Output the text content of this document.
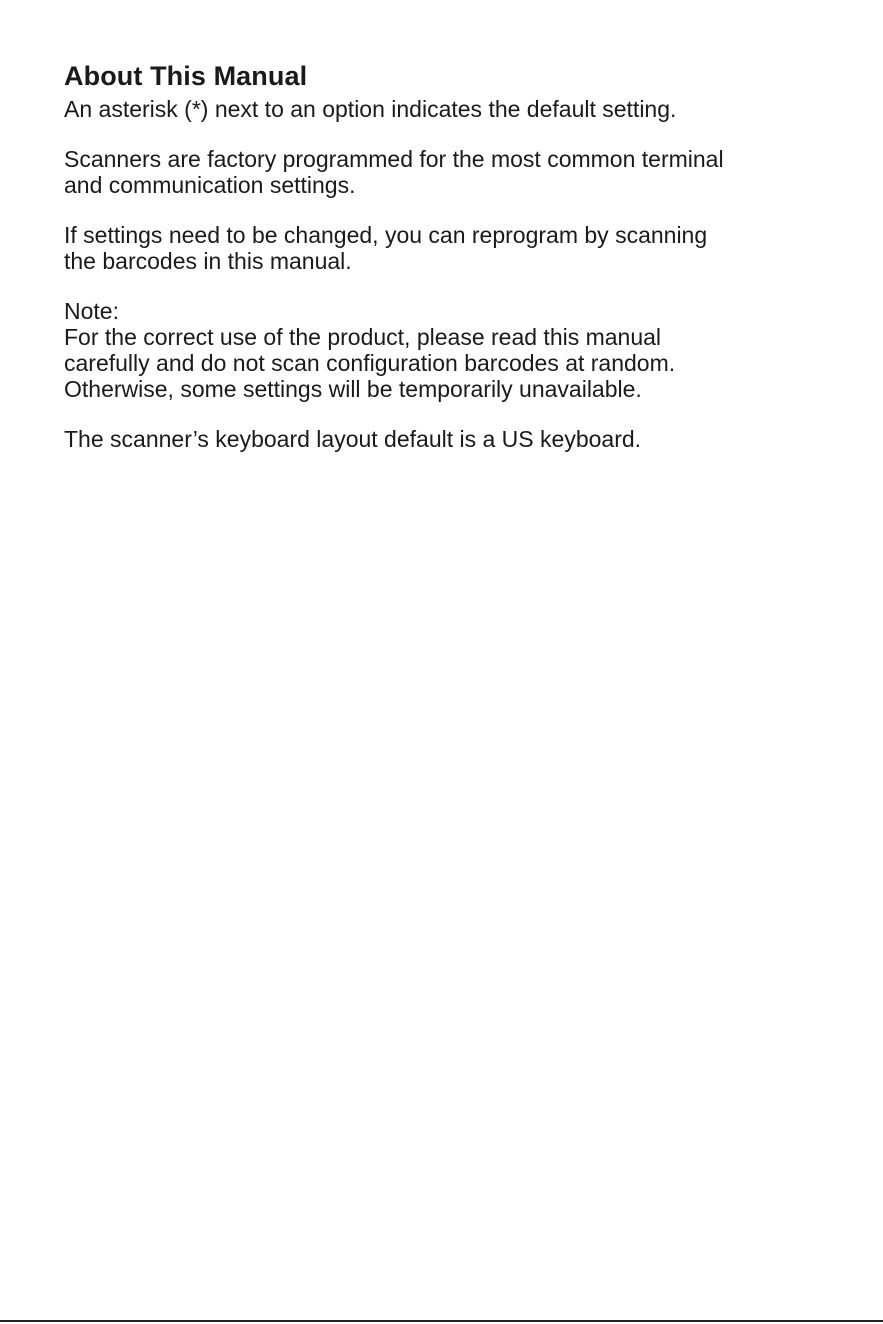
About This Manual

An asterisk (*) next to an option indicates the default setting.

Scanners are factory programmed for the most common terminal
and communication settings.

If settings need to be changed, you can reprogram by scanning
the barcodes in this manual.

Note:
For the correct use of the product, please read this manual
carefully and do not scan configuration barcodes at random.
Otherwise, some settings will be temporarily unavailable.

The scanner’s keyboard layout default is a US keyboard.
